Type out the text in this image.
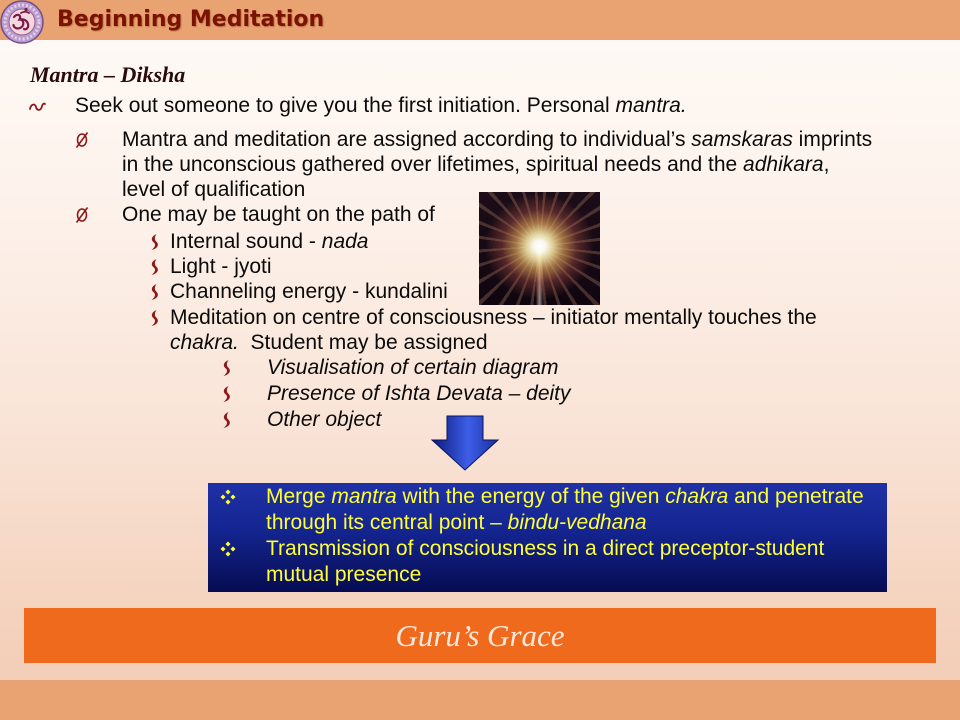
Beginning Meditation
Mantra – Diksha
Seek out someone to give you the first initiation. Personal mantra.
Mantra and meditation are assigned according to individual’s samskaras imprints
in the unconscious gathered over lifetimes, spiritual needs and the adhikara,
level of qualification
One may be taught on the path of
Internal sound - nada
Light - jyoti
Channeling energy - kundalini
Meditation on centre of consciousness – initiator mentally touches the
chakra.  Student may be assigned
Visualisation of certain diagram
Presence of Ishta Devata – deity
Other object
Merge mantra with the energy of the given chakra and penetrate
through its central point – bindu-vedhana
Transmission of consciousness in a direct preceptor-student
mutual presence
Guru’s Grace
